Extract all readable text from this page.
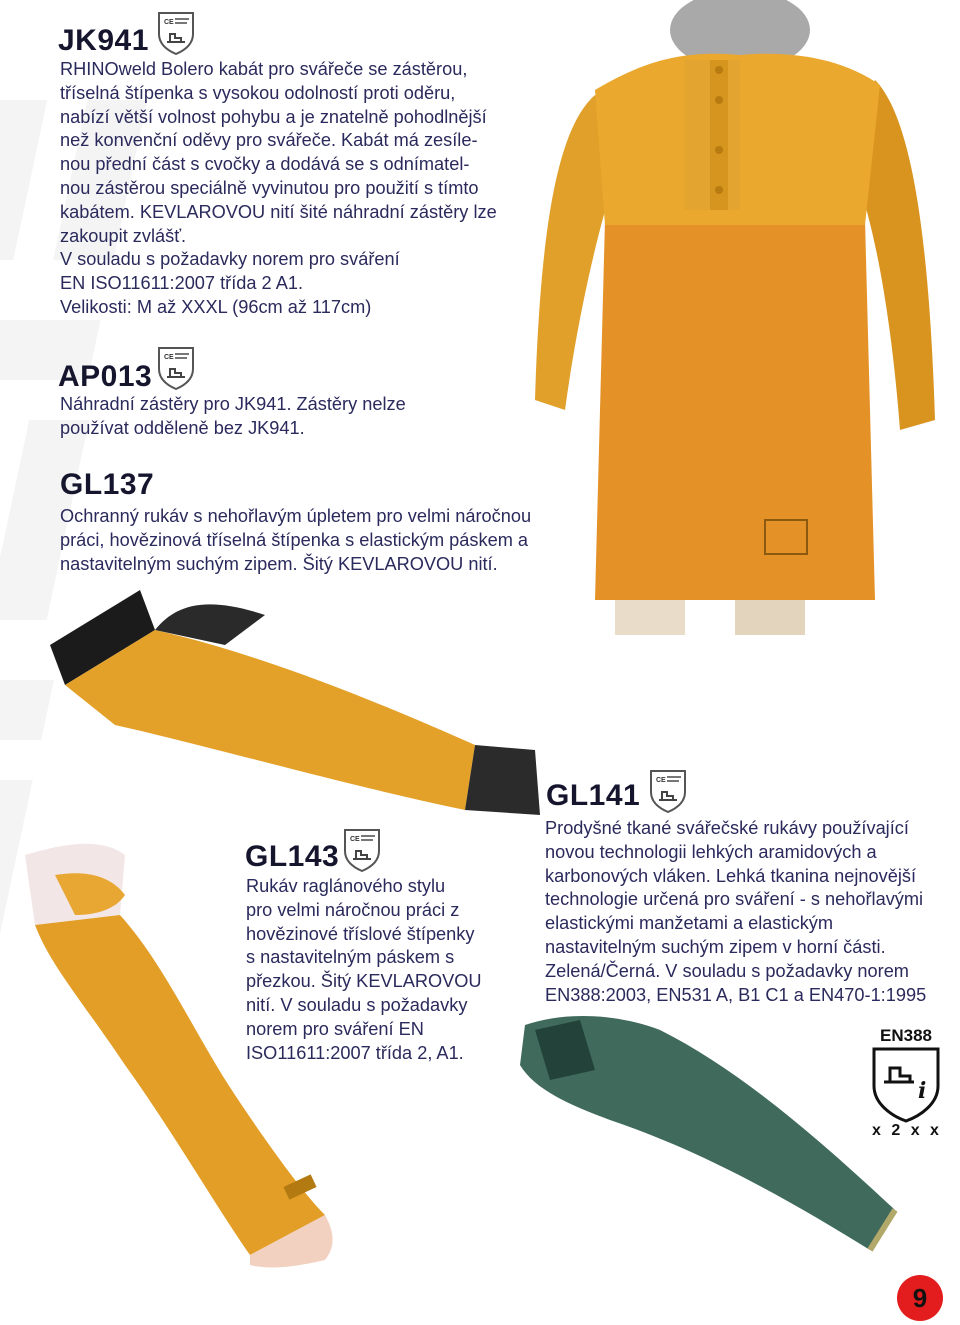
JK941
CE
RHINOweld Bolero kabát pro svářeče se zástěrou,
tříselná štípenka s vysokou odolností proti oděru,
nabízí větší volnost pohybu a je znatelně pohodlnější
než konvenční oděvy pro svářeče. Kabát má zesíle-
nou přední část s cvočky a dodává se s odnímatel-
nou zástěrou speciálně vyvinutou pro použití s tímto
kabátem. KEVLAROVOU nití šité náhradní zástěry lze
zakoupit zvlášť.
V souladu s požadavky norem pro sváření
EN ISO11611:2007 třída 2 A1.
Velikosti: M až XXXL (96cm až 117cm)
AP013
CE
Náhradní zástěry pro JK941. Zástěry nelze
používat odděleně bez JK941.
GL137
Ochranný rukáv s nehořlavým úpletem pro velmi náročnou
práci, hovězinová tříselná štípenka s elastickým páskem a
nastavitelným suchým zipem. Šitý KEVLAROVOU nití.
GL143
CE
Rukáv raglánového stylu
pro velmi náročnou práci z
hovězinové tříslové štípenky
s nastavitelným páskem s
přezkou. Šitý KEVLAROVOU
nití. V souladu s požadavky
norem pro sváření EN
ISO11611:2007 třída 2, A1.
GL141 CE
Prodyšné tkané svářečské rukávy používající
novou technologii lehkých aramidových a
karbonových vláken. Lehká tkanina nejnovější
technologie určená pro sváření - s nehořlavými
elastickými manžetami a elastickým
nastavitelným suchým zipem v horní části.
Zelená/Černá. V souladu s požadavky norem
EN388:2003, EN531 A, B1 C1 a EN470-1:1995
EN388
i
x 2 x x
9
